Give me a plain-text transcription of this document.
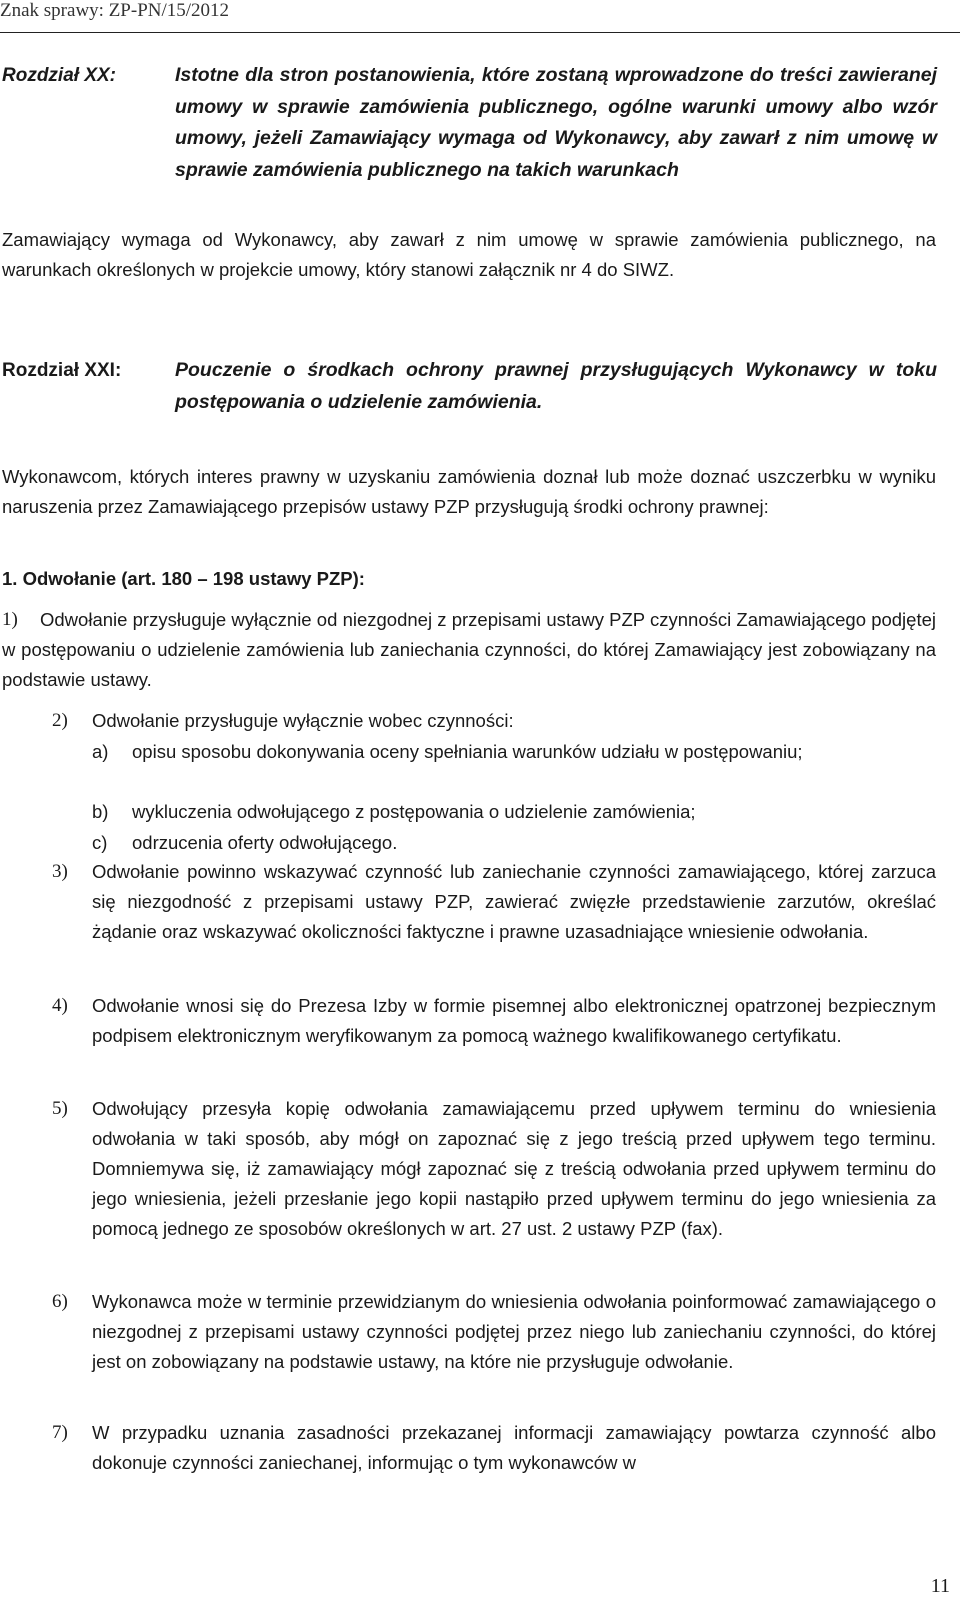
Znak sprawy: ZP-PN/15/2012
Rozdział XX:	Istotne dla stron postanowienia, które zostaną wprowadzone do treści zawieranej umowy w sprawie zamówienia publicznego, ogólne warunki umowy albo wzór umowy, jeżeli Zamawiający wymaga od Wykonawcy, aby zawarł z nim umowę w sprawie zamówienia publicznego na takich warunkach
Zamawiający wymaga od Wykonawcy, aby zawarł z nim umowę w sprawie zamówienia publicznego, na warunkach określonych w projekcie umowy, który stanowi załącznik nr 4 do SIWZ.
Rozdział XXI:	Pouczenie o środkach ochrony prawnej przysługujących Wykonawcy w toku postępowania o udzielenie zamówienia.
Wykonawcom, których interes prawny w uzyskaniu zamówienia doznał lub może doznać uszczerbku w wyniku naruszenia przez Zamawiającego przepisów ustawy PZP przysługują środki ochrony prawnej:
1. Odwołanie (art. 180 – 198 ustawy PZP):
1)	Odwołanie przysługuje wyłącznie od niezgodnej z przepisami ustawy PZP czynności Zamawiającego podjętej w postępowaniu o udzielenie zamówienia lub zaniechania czynności, do której Zamawiający jest zobowiązany na podstawie ustawy.
2) Odwołanie przysługuje wyłącznie wobec czynności:
a) opisu sposobu dokonywania oceny spełniania warunków udziału w postępowaniu;
b) wykluczenia odwołującego z postępowania o udzielenie zamówienia;
c) odrzucenia oferty odwołującego.
3) Odwołanie powinno wskazywać czynność lub zaniechanie czynności zamawiającego, której zarzuca się niezgodność z przepisami ustawy PZP, zawierać zwięzłe przedstawienie zarzutów, określać żądanie oraz wskazywać okoliczności faktyczne i prawne uzasadniające wniesienie odwołania.
4) Odwołanie wnosi się do Prezesa Izby w formie pisemnej albo elektronicznej opatrzonej bezpiecznym podpisem elektronicznym weryfikowanym za pomocą ważnego kwalifikowanego certyfikatu.
5) Odwołujący przesyła kopię odwołania zamawiającemu przed upływem terminu do wniesienia odwołania w taki sposób, aby mógł on zapoznać się z jego treścią przed upływem tego terminu. Domniemywa się, iż zamawiający mógł zapoznać się z treścią odwołania przed upływem terminu do jego wniesienia, jeżeli przesłanie jego kopii nastąpiło przed upływem terminu do jego wniesienia za pomocą jednego ze sposobów określonych w art. 27 ust. 2 ustawy PZP (fax).
6) Wykonawca może w terminie przewidzianym do wniesienia odwołania poinformować zamawiającego o niezgodnej z przepisami ustawy czynności podjętej przez niego lub zaniechaniu czynności, do której jest on zobowiązany na podstawie ustawy, na które nie przysługuje odwołanie.
7) W przypadku uznania zasadności przekazanej informacji zamawiający powtarza czynność albo dokonuje czynności zaniechanej, informując o tym wykonawców w
11
